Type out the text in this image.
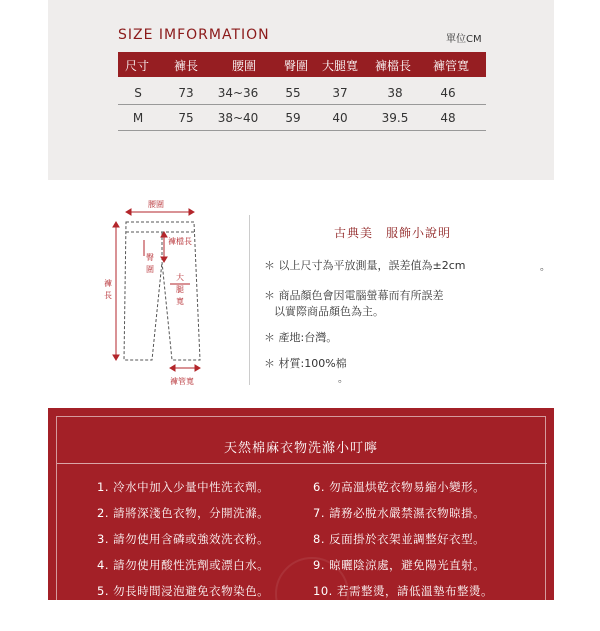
SIZE IMFORMATION	單位CM
尺寸 褲長	腰圍 臀圍 大腿寬 褲檔長 褲管寬
S	73 34~36 55	37	38	46
M	75 38~40 59	40	39.5	48
腰圍
褲檔長
臀
圍
大
腿
寬
褲
長
褲管寬
古典美　服飾小說明
＊ 以上尺寸為平放測量，誤差值為±2cm	。
＊ 商品顏色會因電腦螢幕而有所誤差
以實際商品顏色為主。
＊ 產地:台灣。
＊ 材質:100%棉
。
天然棉麻衣物洗滌小叮嚀
1. 冷水中加入少量中性洗衣劑。
2. 請將深淺色衣物，分開洗滌。
3. 請勿使用含磷或強效洗衣粉。
4. 請勿使用酸性洗劑或漂白水。
5. 勿長時間浸泡避免衣物染色。
6. 勿高溫烘乾衣物易縮小變形。
7. 請務必脫水嚴禁濕衣物晾掛。
8. 反面掛於衣架並調整好衣型。
9. 晾曬陰涼處，避免陽光直射。
10. 若需整燙，請低溫墊布整燙。
